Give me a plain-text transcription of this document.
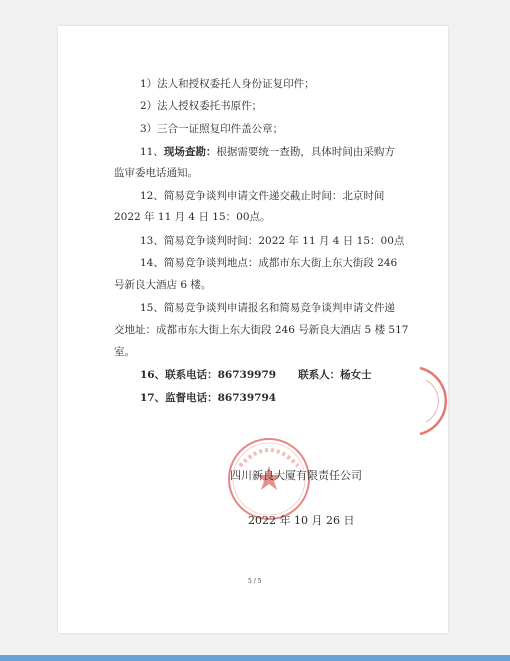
1）法人和授权委托人身份证复印件；
2）法人授权委托书原件；
3）三合一证照复印件盖公章；
11、现场查勘：根据需要统一查勘，具体时间由采购方
监审委电话通知。
12、简易竞争谈判申请文件递交截止时间：北京时间
2022 年 11 月 4 日 15：00点。
13、简易竞争谈判时间：2022 年 11 月 4 日 15：00点
14、简易竞争谈判地点：成都市东大街上东大街段 246
号新良大酒店 6 楼。
15、简易竞争谈判申请报名和简易竞争谈判申请文件递
交地址：成都市东大街上东大街段 246 号新良大酒店 5 楼 517
室。
16、联系电话：86739979 联系人：杨女士
17、监督电话：86739794
四川新良大厦有限责任公司
2022 年 10 月 26 日
5 / 5
